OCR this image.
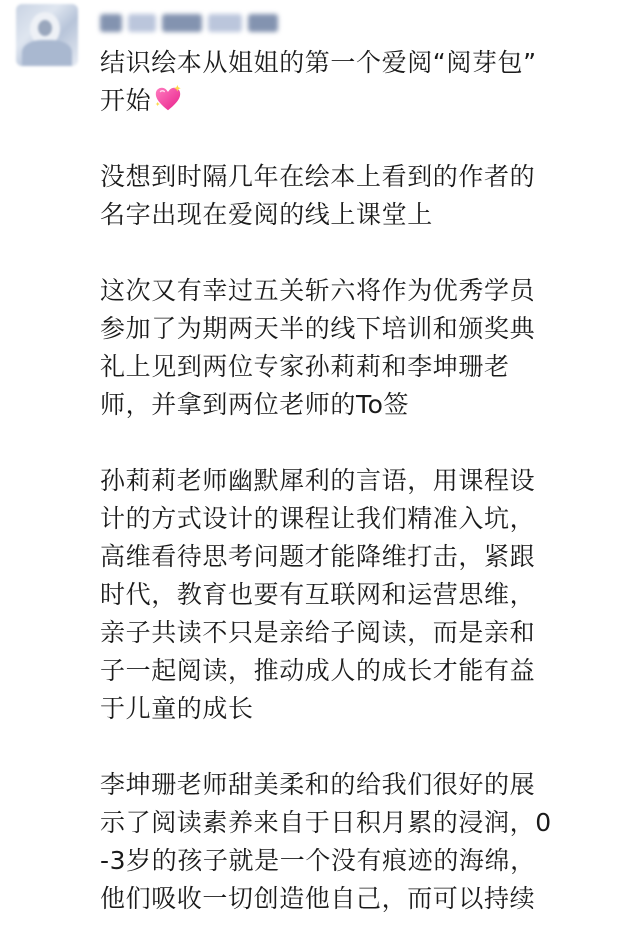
结识绘本从姐姐的第一个爱阅“阅芽包”
开始
没想到时隔几年在绘本上看到的作者的
名字出现在爱阅的线上课堂上
这次又有幸过五关斩六将作为优秀学员
参加了为期两天半的线下培训和颁奖典
礼上见到两位专家孙莉莉和李坤珊老
师，并拿到两位老师的To签
孙莉莉老师幽默犀利的言语，用课程设
计的方式设计的课程让我们精准入坑，
高维看待思考问题才能降维打击，紧跟
时代，教育也要有互联网和运营思维，
亲子共读不只是亲给子阅读，而是亲和
子一起阅读，推动成人的成长才能有益
于儿童的成长
李坤珊老师甜美柔和的给我们很好的展
示了阅读素养来自于日积月累的浸润，0
-3岁的孩子就是一个没有痕迹的海绵，
他们吸收一切创造他自己，而可以持续
